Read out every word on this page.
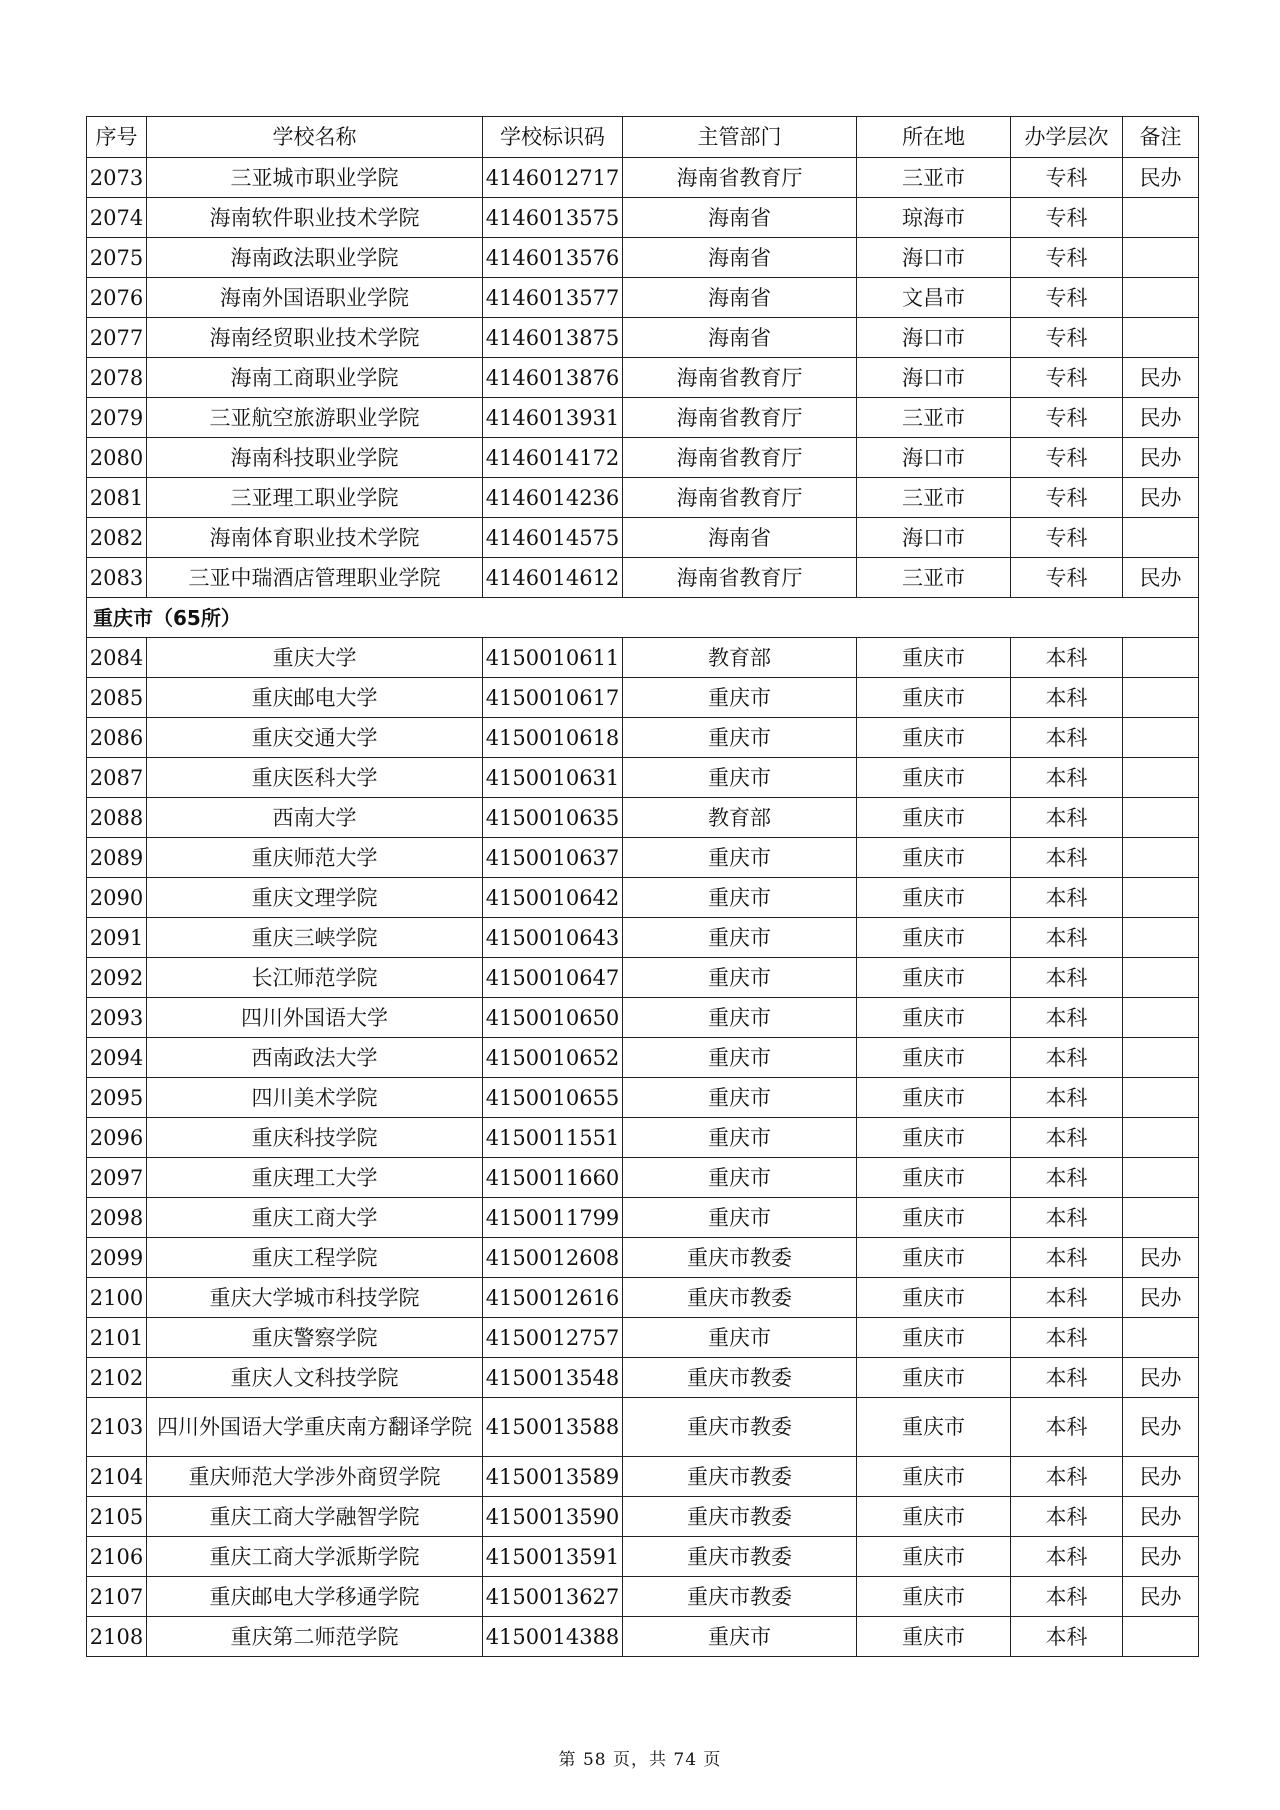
序号	学校名称	学校标识码	主管部门	所在地	办学层次	备注
2073	三亚城市职业学院	4146012717	海南省教育厅	三亚市	专科	民办
2074	海南软件职业技术学院	4146013575	海南省	琼海市	专科	
2075	海南政法职业学院	4146013576	海南省	海口市	专科	
2076	海南外国语职业学院	4146013577	海南省	文昌市	专科	
2077	海南经贸职业技术学院	4146013875	海南省	海口市	专科	
2078	海南工商职业学院	4146013876	海南省教育厅	海口市	专科	民办
2079	三亚航空旅游职业学院	4146013931	海南省教育厅	三亚市	专科	民办
2080	海南科技职业学院	4146014172	海南省教育厅	海口市	专科	民办
2081	三亚理工职业学院	4146014236	海南省教育厅	三亚市	专科	民办
2082	海南体育职业技术学院	4146014575	海南省	海口市	专科	
2083	三亚中瑞酒店管理职业学院	4146014612	海南省教育厅	三亚市	专科	民办
重庆市（65所）						
2084	重庆大学	4150010611	教育部	重庆市	本科	
2085	重庆邮电大学	4150010617	重庆市	重庆市	本科	
2086	重庆交通大学	4150010618	重庆市	重庆市	本科	
2087	重庆医科大学	4150010631	重庆市	重庆市	本科	
2088	西南大学	4150010635	教育部	重庆市	本科	
2089	重庆师范大学	4150010637	重庆市	重庆市	本科	
2090	重庆文理学院	4150010642	重庆市	重庆市	本科	
2091	重庆三峡学院	4150010643	重庆市	重庆市	本科	
2092	长江师范学院	4150010647	重庆市	重庆市	本科	
2093	四川外国语大学	4150010650	重庆市	重庆市	本科	
2094	西南政法大学	4150010652	重庆市	重庆市	本科	
2095	四川美术学院	4150010655	重庆市	重庆市	本科	
2096	重庆科技学院	4150011551	重庆市	重庆市	本科	
2097	重庆理工大学	4150011660	重庆市	重庆市	本科	
2098	重庆工商大学	4150011799	重庆市	重庆市	本科	
2099	重庆工程学院	4150012608	重庆市教委	重庆市	本科	民办
2100	重庆大学城市科技学院	4150012616	重庆市教委	重庆市	本科	民办
2101	重庆警察学院	4150012757	重庆市	重庆市	本科	
2102	重庆人文科技学院	4150013548	重庆市教委	重庆市	本科	民办
2103	四川外国语大学重庆南方翻译学院	4150013588	重庆市教委	重庆市	本科	民办
2104	重庆师范大学涉外商贸学院	4150013589	重庆市教委	重庆市	本科	民办
2105	重庆工商大学融智学院	4150013590	重庆市教委	重庆市	本科	民办
2106	重庆工商大学派斯学院	4150013591	重庆市教委	重庆市	本科	民办
2107	重庆邮电大学移通学院	4150013627	重庆市教委	重庆市	本科	民办
2108	重庆第二师范学院	4150014388	重庆市	重庆市	本科	
第 58 页，共 74 页
